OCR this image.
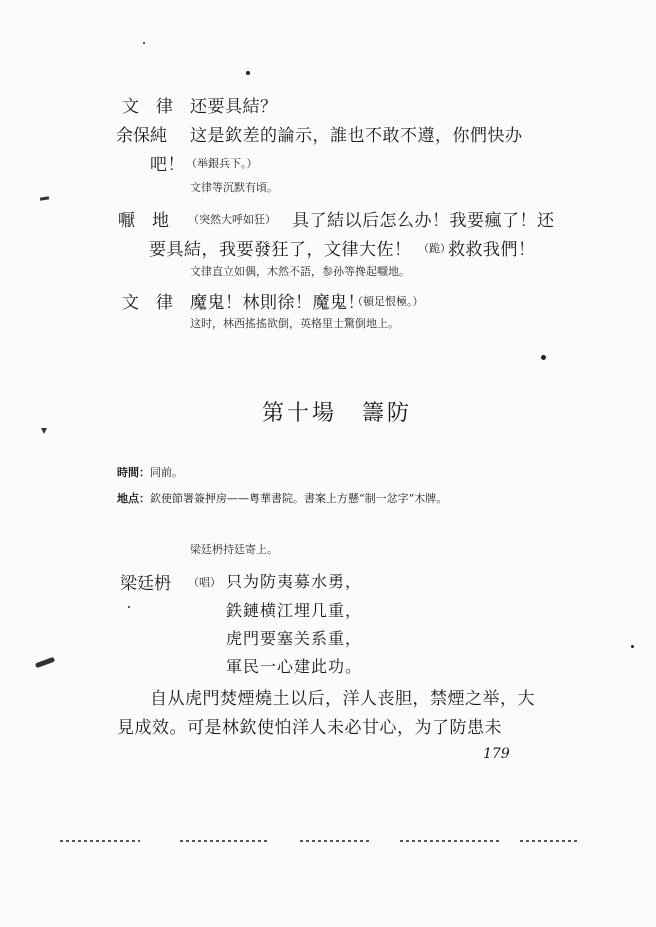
文　律 还要具結？
余保純 这是欽差的論示，誰也不敢不遵，你們快办
吧！ （举銀兵下。）
文律等沉默有頃。
嚈　地 （突然大呼如狂） 具了結以后怎么办！我要瘋了！还
要具結，我要發狂了，文律大佐！ （跪）
救救我們！
文律直立如偶，木然不語，参孙等搀起嚈地。
文　律 魔鬼！林則徐！魔鬼！
（頓足恨極。）
这时，林西搖搖欲倒，英格里士驚倒地上。
第十場　籌防
時間：同前。
地点：欽使節署簽押房——粤華書院。書案上方懸“制一忿字”木牌。
梁廷枬持廷寄上。
梁廷枬 （唱） 只为防夷募水勇，
鉄鏈横江埋几重，
虎門要塞关系重，
軍民一心建此功。
自从虎門焚煙燒土以后，洋人丧胆，禁煙之举，大
見成效。可是林欽使怕洋人未必甘心，为了防患未
179
